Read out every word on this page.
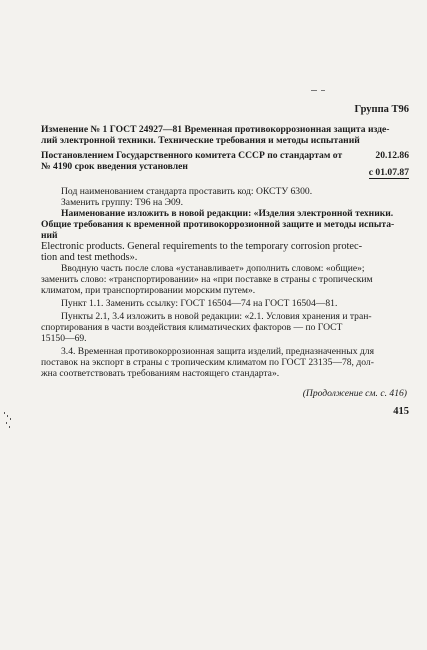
Группа Т96
Изменение № 1 ГОСТ 24927—81 Временная противокоррозионная защита изде-
лий электронной техники. Технические требования и методы испытаний
Постановлением Государственного комитета СССР по стандартам от	20.12.86
№ 4190 срок введения установлен
с 01.07.87
Под наименованием стандарта проставить код: ОКСТУ 6300.
Заменить группу: Т96 на Э09.
Наименование изложить в новой редакции: «Изделия электронной техники.
Общие требования к временной противокоррозионной защите и методы испыта-
ний
Electronic products. General requirements to the temporary corrosion protec-
tion and test methods».
Вводную часть после слова «устанавливает» дополнить словом: «общие»;
заменить слово: «транспортировании» на «при поставке в страны с тропическим
климатом, при транспортировании морским путем».
Пункт 1.1. Заменить ссылку: ГОСТ 16504—74 на ГОСТ 16504—81.
Пункты 2.1, 3.4 изложить в новой редакции: «2.1. Условия хранения и тран-
спортирования в части воздействия климатических факторов — по ГОСТ
15150—69.
3.4. Временная противокоррозионная защита изделий, предназначенных для
поставок на экспорт в страны с тропическим климатом по ГОСТ 23135—78, дол-
жна соответствовать требованиям настоящего стандарта».
(Продолжение см. с. 416)
415
